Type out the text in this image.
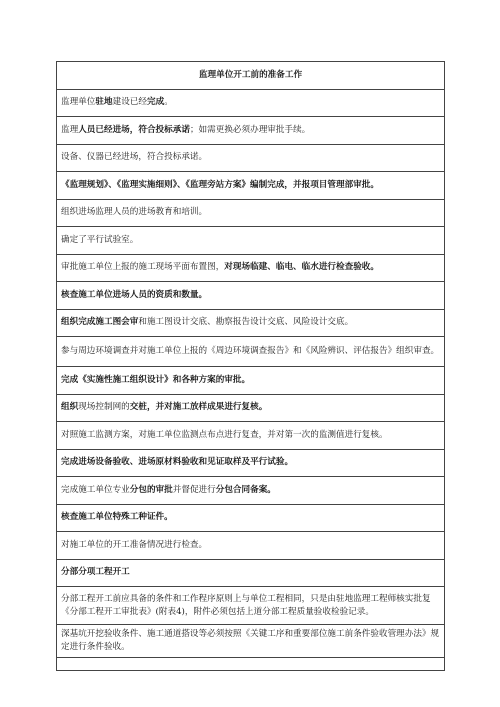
监理单位开工前的准备工作
监理单位驻地建设已经完成。
监理人员已经进场，符合投标承诺；如需更换必须办理审批手续。
设备、仪器已经进场，符合投标承诺。
《监理规划》、《监理实施细则》、《监理旁站方案》编制完成，并报项目管理部审批。
组织进场监理人员的进场教育和培训。
确定了平行试验室。
审批施工单位上报的施工现场平面布置图，对现场临建、临电、临水进行检查验收。
核查施工单位进场人员的资质和数量。
组织完成施工图会审和施工图设计交底、勘察报告设计交底、风险设计交底。
参与周边环境调查并对施工单位上报的《周边环境调查报告》和《风险辨识、评估报告》组织审查。
完成《实施性施工组织设计》和各种方案的审批。
组织现场控制网的交桩，并对施工放样成果进行复核。
对照施工监测方案，对施工单位监测点布点进行复查，并对第一次的监测值进行复核。
完成进场设备验收、进场原材料验收和见证取样及平行试验。
完成施工单位专业分包的审批并督促进行分包合同备案。
核查施工单位特殊工种证件。
对施工单位的开工准备情况进行检查。
分部分项工程开工
分部工程开工前应具备的条件和工作程序原则上与单位工程相同，只是由驻地监理工程师核实批复《分部工程开工审批表》(附表4)，附件必须包括上道分部工程质量验收检验记录。
深基坑开挖验收条件、施工通道搭设等必须按照《关键工序和重要部位施工前条件验收管理办法》规定进行条件验收。
